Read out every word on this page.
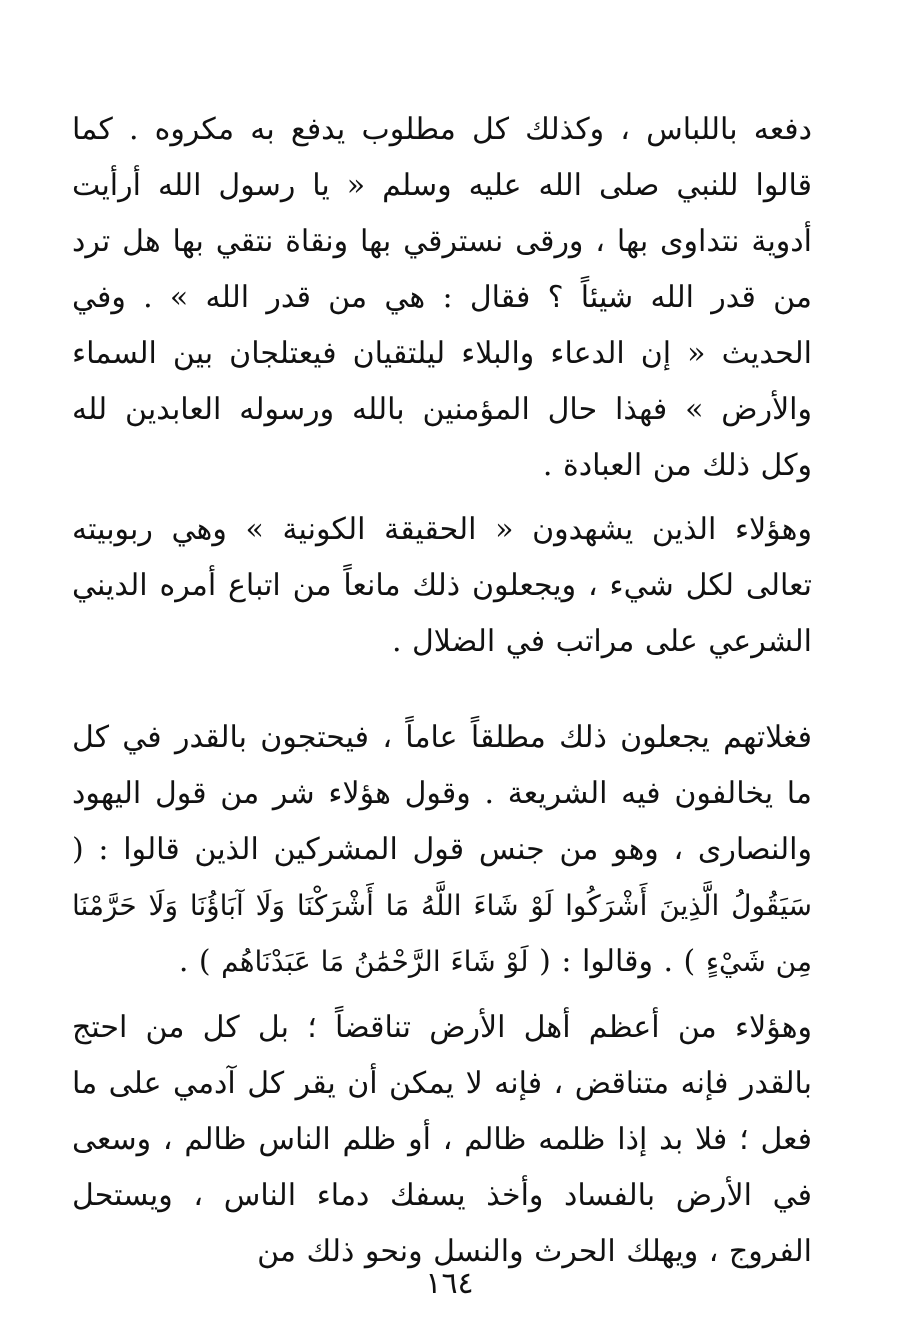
دفعه باللباس ، وكذلك كل مطلوب يدفع به مكروه . كما قالوا للنبي صلى الله عليه وسلم « يا رسول الله أرأيت أدوية نتداوى بها ، ورقى نسترقي بها ونقاة نتقي بها هل ترد من قدر الله شيئاً ؟ فقال : هي من قدر الله » . وفي الحديث « إن الدعاء والبلاء ليلتقيان فيعتلجان بين السماء والأرض » فهذا حال المؤمنين بالله ورسوله العابدين لله وكل ذلك من العبادة .

وهؤلاء الذين يشهدون « الحقيقة الكونية » وهي ربوبيته تعالى لكل شيء ، ويجعلون ذلك مانعاً من اتباع أمره الديني الشرعي على مراتب في الضلال .

فغلاتهم يجعلون ذلك مطلقاً عاماً ، فيحتجون بالقدر في كل ما يخالفون فيه الشريعة . وقول هؤلاء شر من قول اليهود والنصارى ، وهو من جنس قول المشركين الذين قالوا : ( سَيَقُولُ الَّذِينَ أَشْرَكُوا لَوْ شَاءَ اللَّهُ مَا أَشْرَكْنَا وَلَا آبَاؤُنَا وَلَا حَرَّمْنَا مِن شَيْءٍ ) . وقالوا : ( لَوْ شَاءَ الرَّحْمَٰنُ مَا عَبَدْنَاهُم ) .

وهؤلاء من أعظم أهل الأرض تناقضاً ؛ بل كل من احتج بالقدر فإنه متناقض ، فإنه لا يمكن أن يقر كل آدمي على ما فعل ؛ فلا بد إذا ظلمه ظالم ، أو ظلم الناس ظالم ، وسعى في الأرض بالفساد وأخذ يسفك دماء الناس ، ويستحل الفروج ، ويهلك الحرث والنسل ونحو ذلك من

١٦٤
